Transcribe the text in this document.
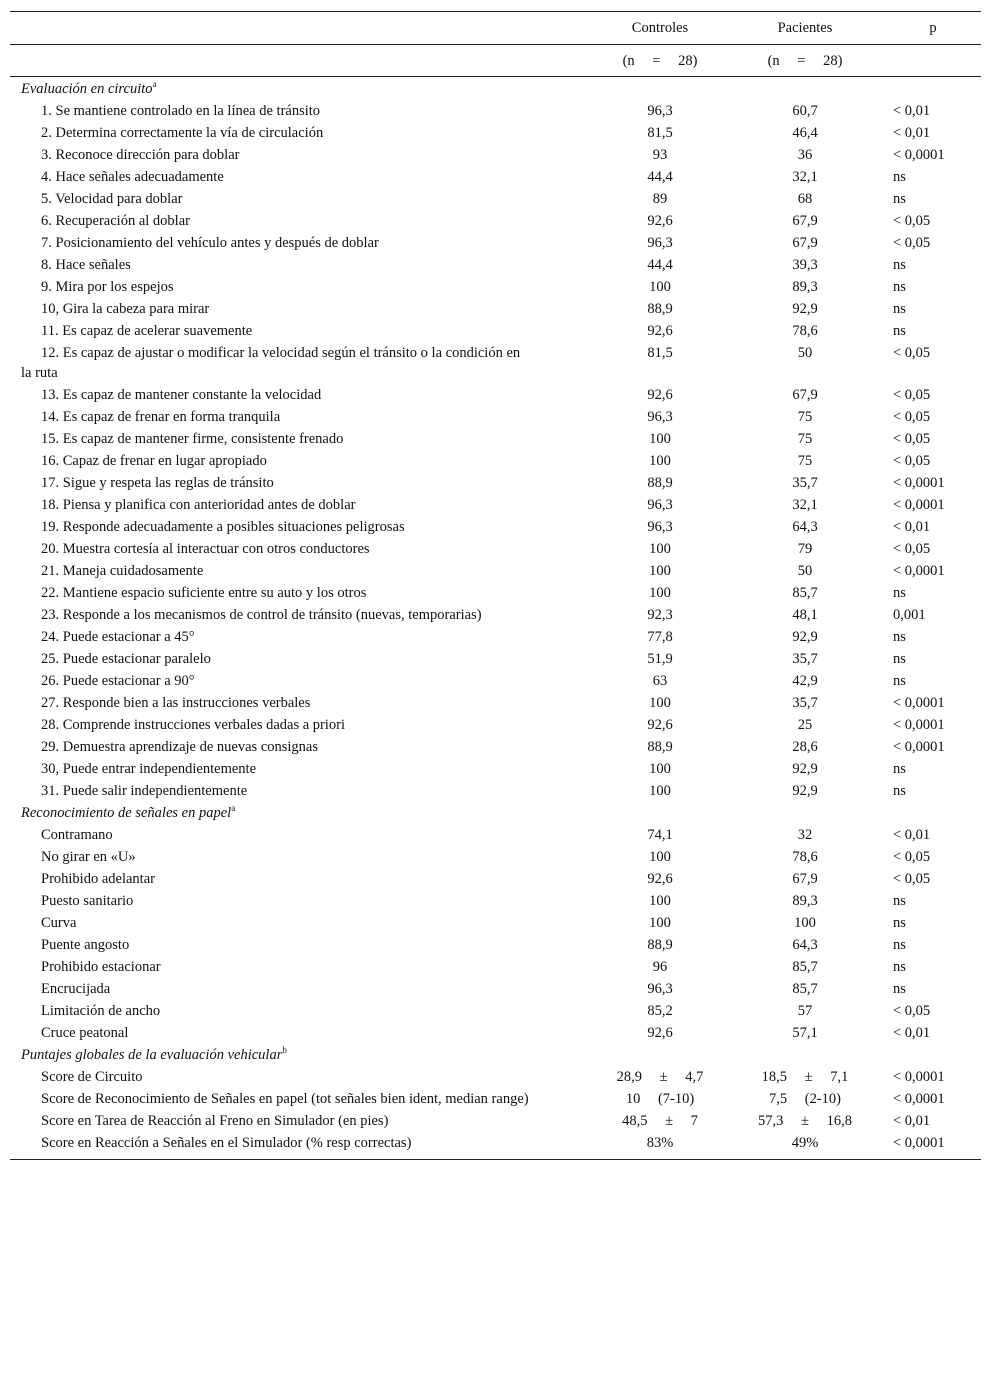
	Controles	Pacientes	p
	(n = 28)	(n = 28)	
Evaluación en circuito$^a$
1. Se mantiene controlado en la línea de tránsito	96,3	60,7	< 0,01
2. Determina correctamente la vía de circulación	81,5	46,4	< 0,01
3. Reconoce dirección para doblar	93	36	< 0,0001
4. Hace señales adecuadamente	44,4	32,1	ns
5. Velocidad para doblar	89	68	ns
6. Recuperación al doblar	92,6	67,9	< 0,05
7. Posicionamiento del vehículo antes y después de doblar	96,3	67,9	< 0,05
8. Hace señales	44,4	39,3	ns
9. Mira por los espejos	100	89,3	ns
10, Gira la cabeza para mirar	88,9	92,9	ns
11. Es capaz de acelerar suavemente	92,6	78,6	ns

12. Es capaz de ajustar o modificar la velocidad según el tránsito o la condición en
la ruta	81,5	50	< 0,05
13. Es capaz de mantener constante la velocidad	92,6	67,9	< 0,05
14. Es capaz de frenar en forma tranquila	96,3	75	< 0,05
15. Es capaz de mantener firme, consistente frenado	100	75	< 0,05
16. Capaz de frenar en lugar apropiado	100	75	< 0,05
17. Sigue y respeta las reglas de tránsito	88,9	35,7	< 0,0001
18. Piensa y planifica con anterioridad antes de doblar	96,3	32,1	< 0,0001
19. Responde adecuadamente a posibles situaciones peligrosas	96,3	64,3	< 0,01
20. Muestra cortesía al interactuar con otros conductores	100	79	< 0,05
21. Maneja cuidadosamente	100	50	< 0,0001
22. Mantiene espacio suficiente entre su auto y los otros	100	85,7	ns
23. Responde a los mecanismos de control de tránsito (nuevas, temporarias)	92,3	48,1	0,001
24. Puede estacionar a 45°	77,8	92,9	ns
25. Puede estacionar paralelo	51,9	35,7	ns
26. Puede estacionar a 90°	63	42,9	ns
27. Responde bien a las instrucciones verbales	100	35,7	< 0,0001
28. Comprende instrucciones verbales dadas a priori	92,6	25	< 0,0001
29. Demuestra aprendizaje de nuevas consignas	88,9	28,6	< 0,0001
30, Puede entrar independientemente	100	92,9	ns
31. Puede salir independientemente	100	92,9	ns
Reconocimiento de señales en papel$^a$
Contramano	74,1	32	< 0,01
No girar en «U»	100	78,6	< 0,05
Prohibido adelantar	92,6	67,9	< 0,05
Puesto sanitario	100	89,3	ns
Curva	100	100	ns
Puente angosto	88,9	64,3	ns
Prohibido estacionar	96	85,7	ns
Encrucijada	96,3	85,7	ns
Limitación de ancho	85,2	57	< 0,05
Cruce peatonal	92,6	57,1	< 0,01
Puntajes globales de la evaluación vehicular$^b$
Score de Circuito	28,9 ± 4,7	18,5 ± 7,1	< 0,0001
Score de Reconocimiento de Señales en papel (tot señales bien ident, median range)	10 (7-10)	7,5 (2-10)	< 0,0001
Score en Tarea de Reacción al Freno en Simulador (en pies)	48,5 ± 7	57,3 ± 16,8	< 0,01
Score en Reacción a Señales en el Simulador (% resp correctas)	83%	49%	< 0,0001
